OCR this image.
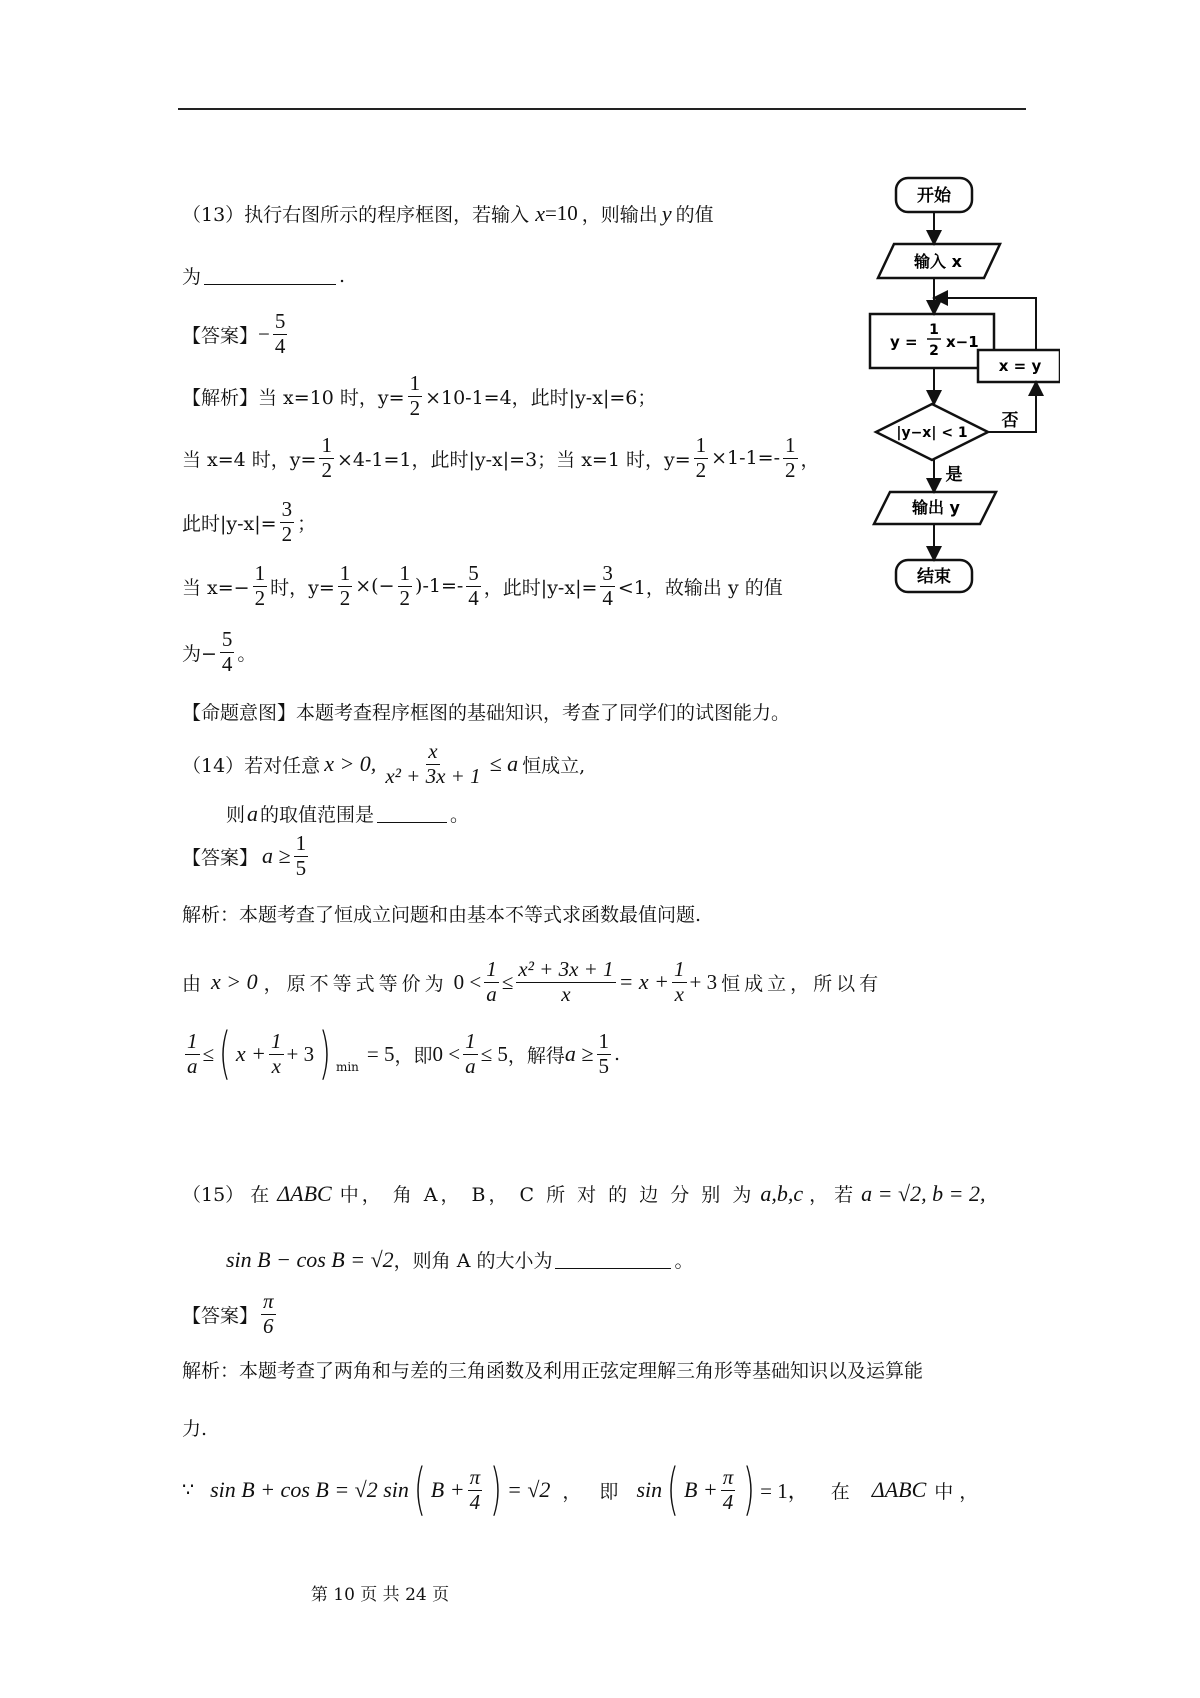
（13）执行右图所示的程序框图，若输入 x =10 ，则输出 y 的值
为	.
【答案】 − $\frac{5}{4}$
【解析】 当 x=10 时，$y= \frac{1}{2} \times 10-1=4$，此时|y-x|=6；
当 x=4 时，$y= \frac{1}{2} \times 4-1=1$，此时|y-x|=3；当 x=1 时，$y= \frac{1}{2} \times 1-1=- \frac{1}{2}$ ，
此时$|y-x|= \frac{3}{2}$ ；
当 $x=- \frac{1}{2}$ 时，$y= \frac{1}{2}$ ×(− $\frac{1}{2} )-1=- \frac{5}{4}$ ，此时$|y-x|= \frac{3}{4} <1$，故输出 y 的值
为− $\frac{5}{4}$ 。
【命题意图】 本题考查程序框图的基础知识，考查了同学们的试图能力。
开始
输入 x
y =
1
2 x−1
x = y
|y−x| < 1
否
是
输出 y
结束
（14）若对任意 x > 0, $\frac{x}{\text{x² + 3x + 1}} \le a$ 恒成立,
则 a 的取值范围是	。
【答案】 $a \ge \frac{1}{5}$
解析：本题考查了恒成立问题和由基本不等式求函数最值问题.
由 x > 0 ，原不等式等价为 $0 < \frac{1}{a} \le \frac{\text{x² + 3x + 1}}{x} = x + \frac{1}{x} + 3$ 恒成立，所以有
$\frac{1}{a}$ ≤ ( $x + \frac{1}{x} + 3$ ) min
= 5 ，即 $0 < \frac{1}{a} \le 5$ ，解得 $a \ge \frac{1}{5}$ .
（15） 在 ΔABC 中， 角 A， B， C 所 对 的 边 分 别 为 a,b,c ， 若 a = √2, b = 2,
sin B − cos B = √2 ，则角 A 的大小为	。
【答案】 $\frac{\pi}{6}$
解析：本题考查了两角和与差的三角函数及利用正弦定理解三角形等基础知识以及运算能
力.
∵ sin B + cos B = √2 sin ( $B + \frac{\pi}{4}$ ) = √2 ， 即 sin ( $B + \frac{\pi}{4}$ ) = 1， 在 ΔABC 中 ，
第 10 页 共 24 页
